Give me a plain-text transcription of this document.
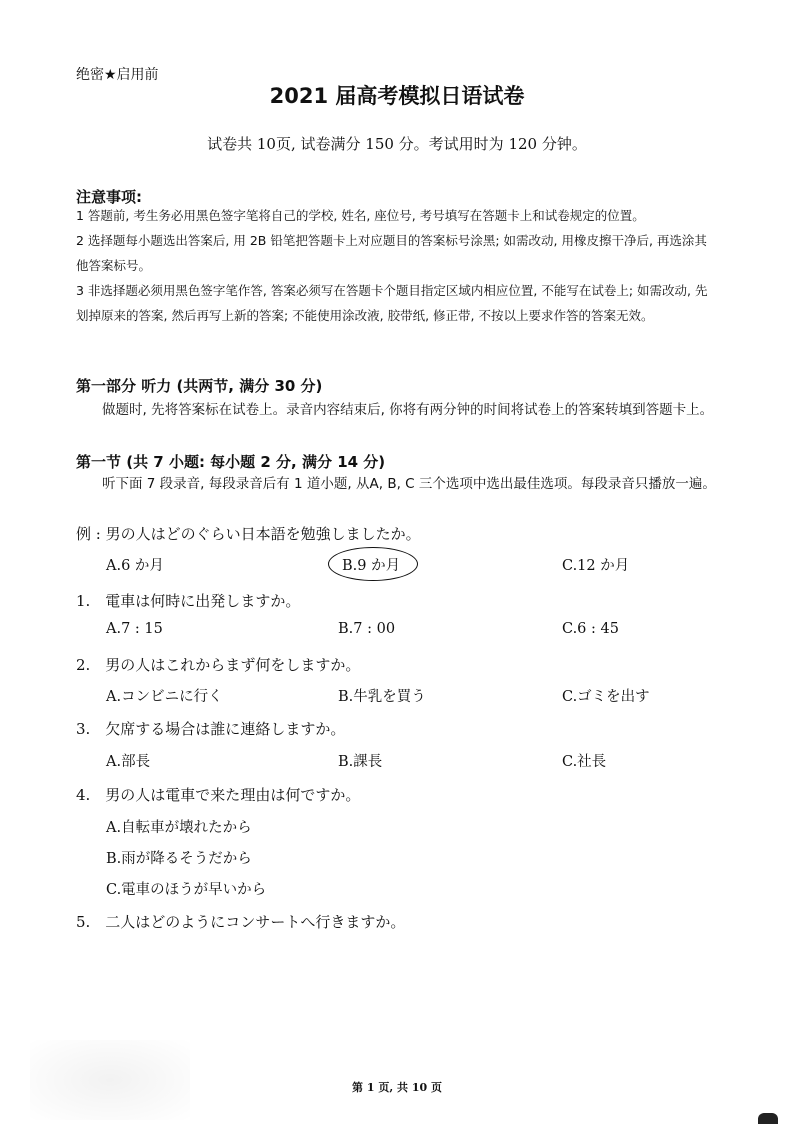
绝密★启用前
2021 届高考模拟日语试卷
试卷共 10页, 试卷满分 150 分。考试用时为 120 分钟。
注意事项:
1 答题前, 考生务必用黑色签字笔将自己的学校, 姓名, 座位号, 考号填写在答题卡上和试卷规定的位置。
2 选择题每小题选出答案后, 用 2B 铅笔把答题卡上对应题目的答案标号涂黑; 如需改动, 用橡皮擦干净后, 再选涂其他答案标号。
3 非选择题必须用黑色签字笔作答, 答案必须写在答题卡个题目指定区域内相应位置, 不能写在试卷上; 如需改动, 先划掉原来的答案, 然后再写上新的答案; 不能使用涂改液, 胶带纸, 修正带, 不按以上要求作答的答案无效。
第一部分 听力 (共两节, 满分 30 分)
做题时, 先将答案标在试卷上。录音内容结束后, 你将有两分钟的时间将试卷上的答案转填到答题卡上。
第一节 (共 7 小题: 每小题 2 分, 满分 14 分)
听下面 7 段录音, 每段录音后有 1 道小题, 从A, B, C 三个选项中选出最佳选项。每段录音只播放一遍。
例 : 男の人はどのぐらい日本語を勉強しましたか。
A.6 か月	B.9 か月	C.12 か月
1.　電車は何時に出発しますか。
A.7 : 15	B.7 : 00	C.6 : 45
2.　男の人はこれからまず何をしますか。
A.コンビニに行く	B.牛乳を買う	C.ゴミを出す
3.　欠席する場合は誰に連絡しますか。
A.部長	B.課長	C.社長
4.　男の人は電車で来た理由は何ですか。
A.自転車が壊れたから
B.雨が降るそうだから
C.電車のほうが早いから
5.　二人はどのようにコンサートへ行きますか。
第 1 页, 共 10 页
